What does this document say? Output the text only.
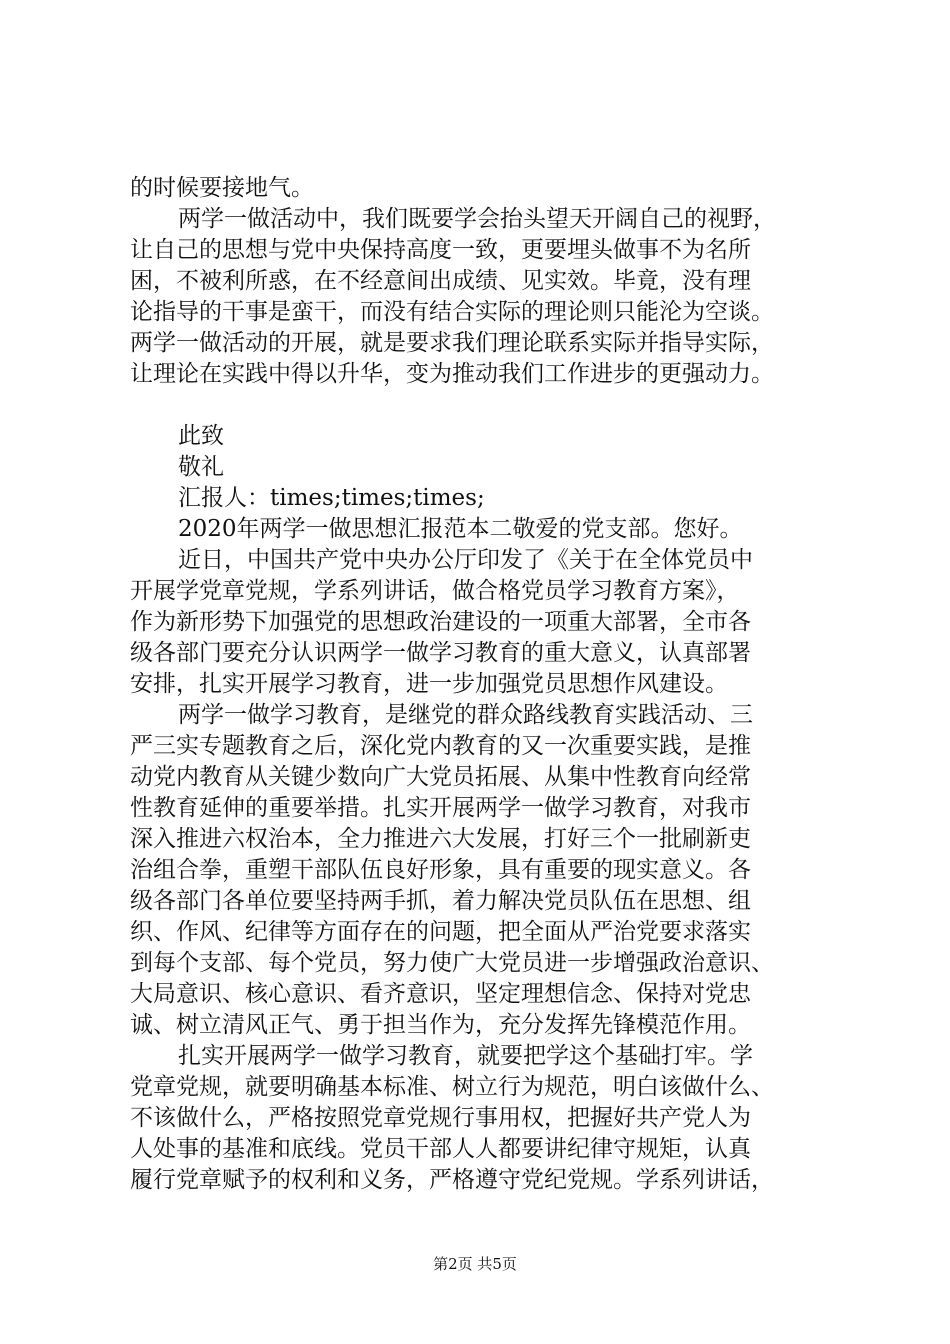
的时候要接地气。
两学一做活动中，我们既要学会抬头望天开阔自己的视野，
让自己的思想与党中央保持高度一致，更要埋头做事不为名所
困，不被利所惑，在不经意间出成绩、见实效。毕竟，没有理
论指导的干事是蛮干，而没有结合实际的理论则只能沦为空谈。
两学一做活动的开展，就是要求我们理论联系实际并指导实际，
让理论在实践中得以升华，变为推动我们工作进步的更强动力。
此致
敬礼
汇报人：times;times;times;
2020年两学一做思想汇报范本二敬爱的党支部。您好。
近日，中国共产党中央办公厅印发了《关于在全体党员中
开展学党章党规，学系列讲话，做合格党员学习教育方案》，
作为新形势下加强党的思想政治建设的一项重大部署，全市各
级各部门要充分认识两学一做学习教育的重大意义，认真部署
安排，扎实开展学习教育，进一步加强党员思想作风建设。
两学一做学习教育，是继党的群众路线教育实践活动、三
严三实专题教育之后，深化党内教育的又一次重要实践，是推
动党内教育从关键少数向广大党员拓展、从集中性教育向经常
性教育延伸的重要举措。扎实开展两学一做学习教育，对我市
深入推进六权治本，全力推进六大发展，打好三个一批刷新吏
治组合拳，重塑干部队伍良好形象，具有重要的现实意义。各
级各部门各单位要坚持两手抓，着力解决党员队伍在思想、组
织、作风、纪律等方面存在的问题，把全面从严治党要求落实
到每个支部、每个党员，努力使广大党员进一步增强政治意识、
大局意识、核心意识、看齐意识，坚定理想信念、保持对党忠
诚、树立清风正气、勇于担当作为，充分发挥先锋模范作用。
扎实开展两学一做学习教育，就要把学这个基础打牢。学
党章党规，就要明确基本标准、树立行为规范，明白该做什么、
不该做什么，严格按照党章党规行事用权，把握好共产党人为
人处事的基准和底线。党员干部人人都要讲纪律守规矩，认真
履行党章赋予的权利和义务，严格遵守党纪党规。学系列讲话，
第2页 共5页
